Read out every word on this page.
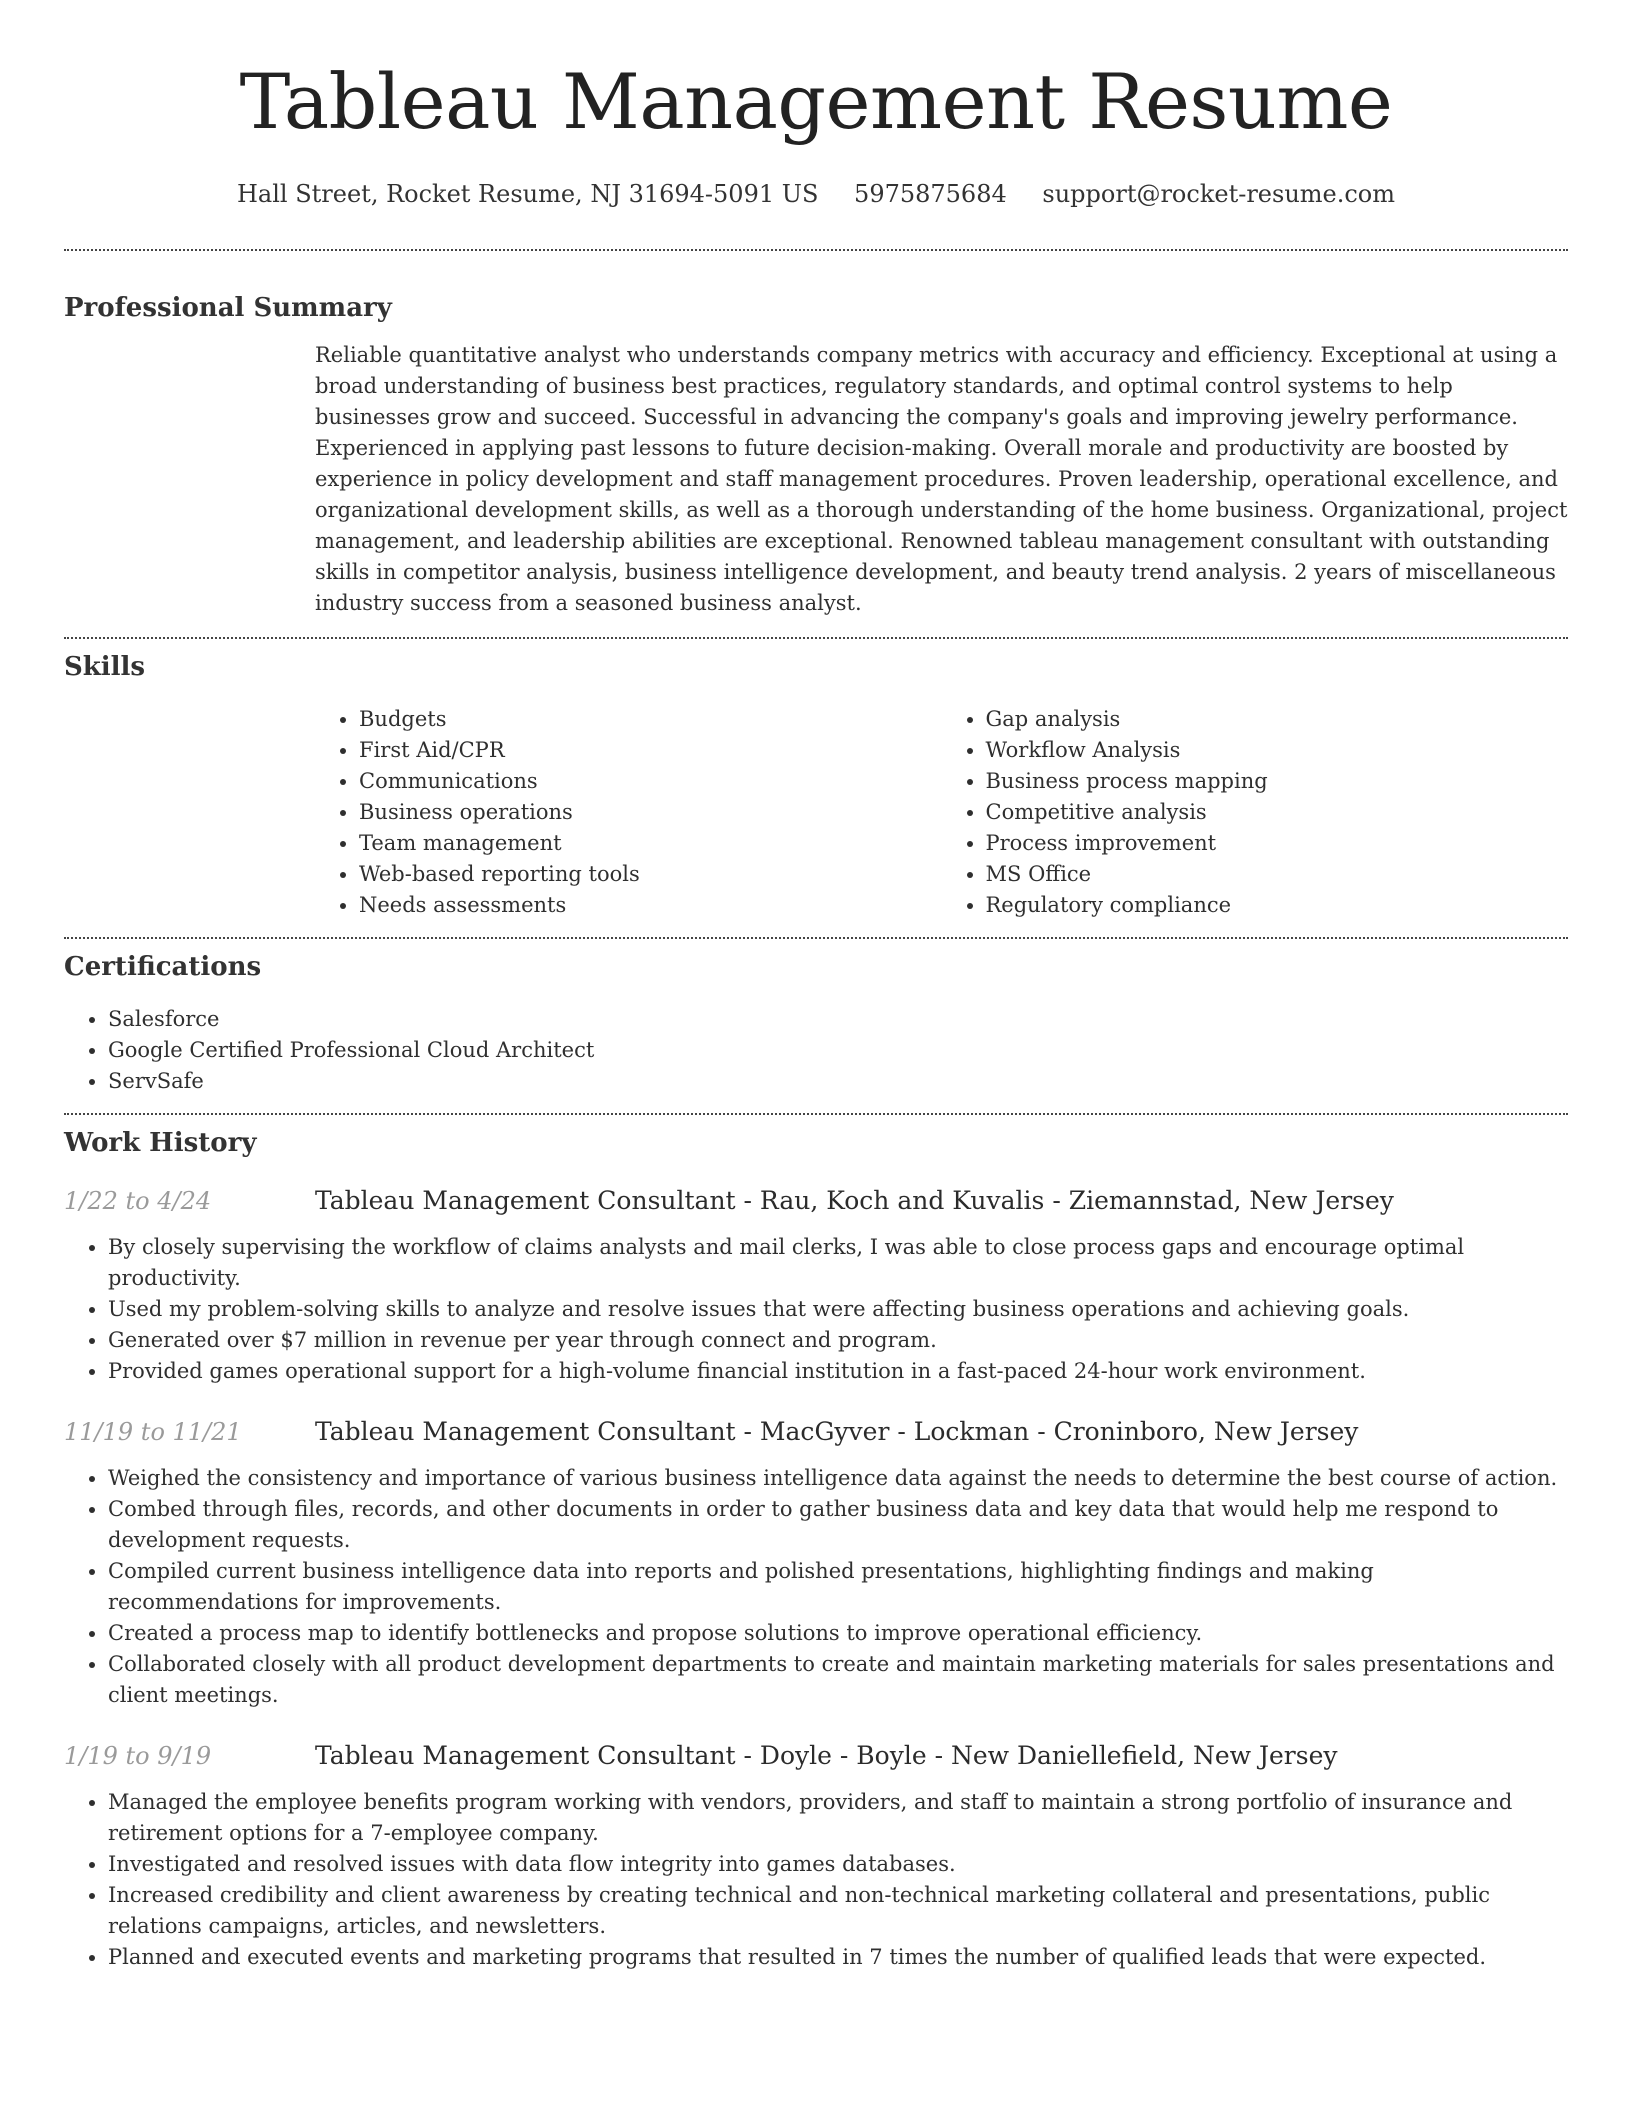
Tableau Management Resume
Hall Street, Rocket Resume, NJ 31694-5091 US 5975875684 support@rocket-resume.com
Professional Summary
Reliable quantitative analyst who understands company metrics with accuracy and efficiency. Exceptional at using a broad understanding of business best practices, regulatory standards, and optimal control systems to help businesses grow and succeed. Successful in advancing the company's goals and improving jewelry performance. Experienced in applying past lessons to future decision-making. Overall morale and productivity are boosted by experience in policy development and staff management procedures. Proven leadership, operational excellence, and organizational development skills, as well as a thorough understanding of the home business. Organizational, project management, and leadership abilities are exceptional. Renowned tableau management consultant with outstanding skills in competitor analysis, business intelligence development, and beauty trend analysis. 2 years of miscellaneous industry success from a seasoned business analyst.
Skills
• Budgets
• First Aid/CPR
• Communications
• Business operations
• Team management
• Web-based reporting tools
• Needs assessments
• Gap analysis
• Workflow Analysis
• Business process mapping
• Competitive analysis
• Process improvement
• MS Office
• Regulatory compliance
Certifications
• Salesforce
• Google Certified Professional Cloud Architect
• ServSafe
Work History
1/22 to 4/24	Tableau Management Consultant - Rau, Koch and Kuvalis - Ziemannstad, New Jersey
• By closely supervising the workflow of claims analysts and mail clerks, I was able to close process gaps and encourage optimal productivity.
• Used my problem-solving skills to analyze and resolve issues that were affecting business operations and achieving goals.
• Generated over $7 million in revenue per year through connect and program.
• Provided games operational support for a high-volume financial institution in a fast-paced 24-hour work environment.
11/19 to 11/21	Tableau Management Consultant - MacGyver - Lockman - Croninboro, New Jersey
• Weighed the consistency and importance of various business intelligence data against the needs to determine the best course of action.
• Combed through files, records, and other documents in order to gather business data and key data that would help me respond to development requests.
• Compiled current business intelligence data into reports and polished presentations, highlighting findings and making recommendations for improvements.
• Created a process map to identify bottlenecks and propose solutions to improve operational efficiency.
• Collaborated closely with all product development departments to create and maintain marketing materials for sales presentations and client meetings.
1/19 to 9/19	Tableau Management Consultant - Doyle - Boyle - New Daniellefield, New Jersey
• Managed the employee benefits program working with vendors, providers, and staff to maintain a strong portfolio of insurance and retirement options for a 7-employee company.
• Investigated and resolved issues with data flow integrity into games databases.
• Increased credibility and client awareness by creating technical and non-technical marketing collateral and presentations, public relations campaigns, articles, and newsletters.
• Planned and executed events and marketing programs that resulted in 7 times the number of qualified leads that were expected.
